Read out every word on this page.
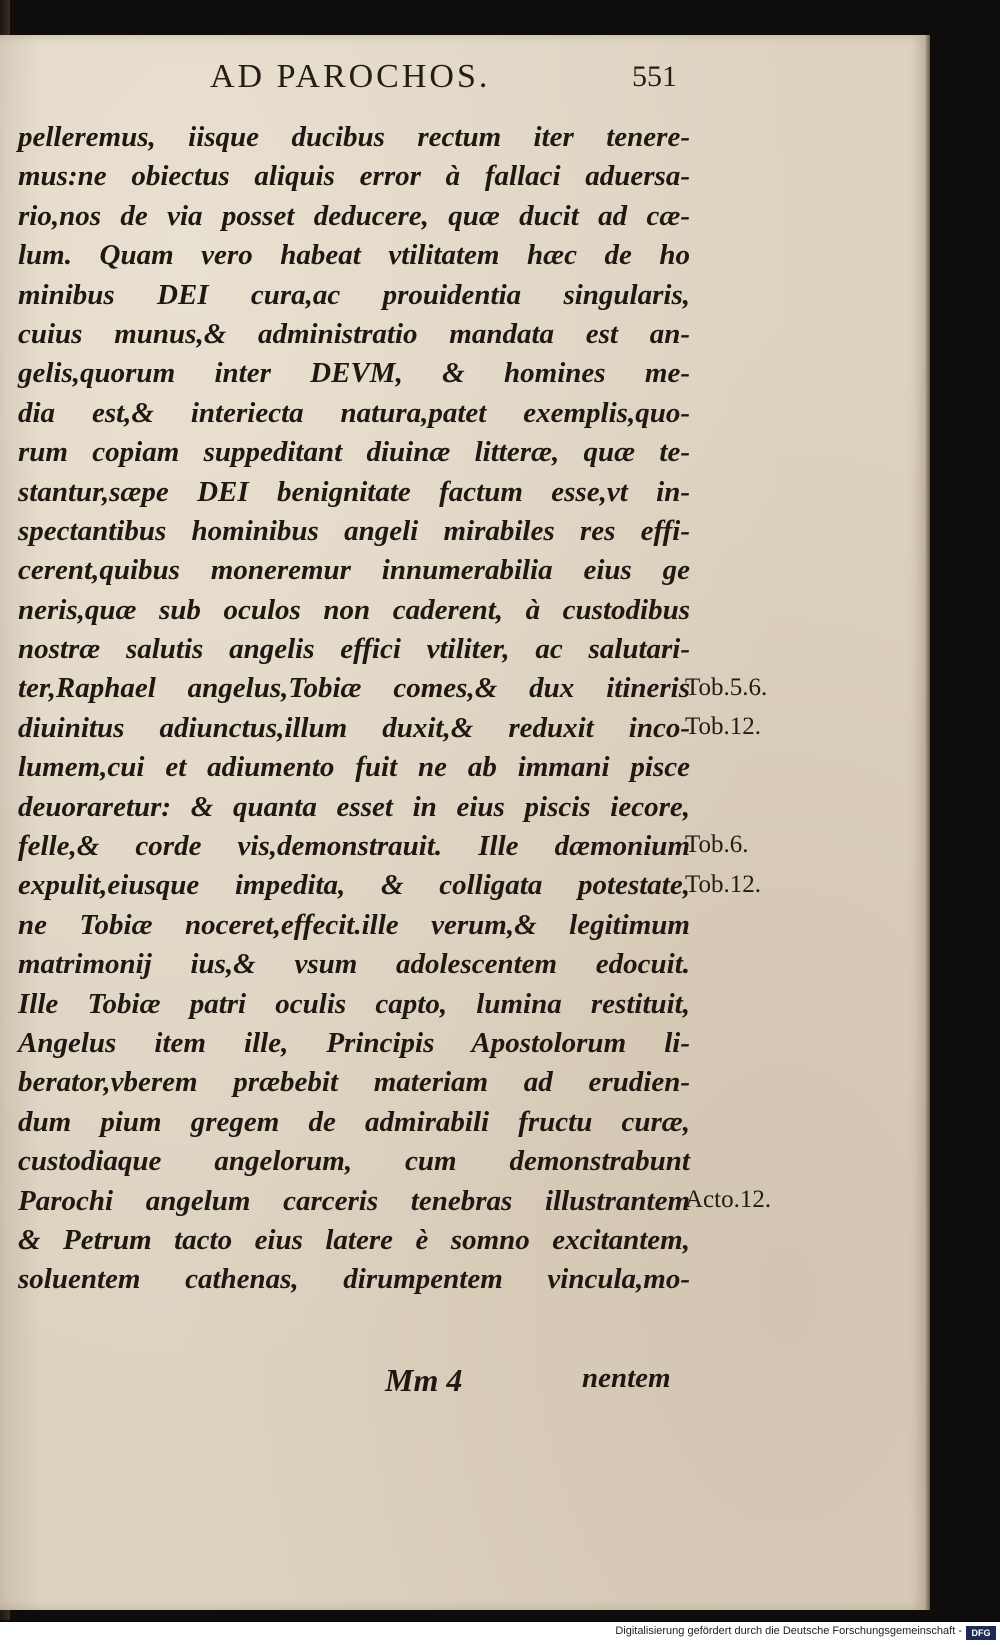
AD PAROCHOS.	551
pelleremus, iisque ducibus rectum iter tenere-
mus:ne obiectus aliquis error à fallaci aduersa-
rio,nos de via posset deducere, quæ ducit ad cæ-
lum. Quam vero habeat vtilitatem hæc de ho
minibus DEI cura,ac prouidentia singularis,
cuius munus,& administratio mandata est an-
gelis,quorum inter DEVM, & homines me-
dia est,& interiecta natura,patet exemplis,quo-
rum copiam suppeditant diuinæ litteræ, quæ te-
stantur,sæpe DEI benignitate factum esse,vt in-
spectantibus hominibus angeli mirabiles res effi-
cerent,quibus moneremur innumerabilia eius ge
neris,quæ sub oculos non caderent, à custodibus
nostræ salutis angelis effici vtiliter, ac salutari-
ter,Raphael angelus,Tobiæ comes,& dux itineris
diuinitus adiunctus,illum duxit,& reduxit inco-
lumem,cui et adiumento fuit ne ab immani pisce
deuoraretur: & quanta esset in eius piscis iecore,
felle,& corde vis,demonstrauit. Ille dæmonium
expulit,eiusque impedita, & colligata potestate,
ne Tobiæ noceret,effecit.ille verum,& legitimum
matrimonij ius,& vsum adolescentem edocuit.
Ille Tobiæ patri oculis capto, lumina restituit,
Angelus item ille, Principis Apostolorum li-
berator,vberem præbebit materiam ad erudien-
dum pium gregem de admirabili fructu curæ,
custodiaque angelorum, cum demonstrabunt
Parochi angelum carceris tenebras illustrantem
& Petrum tacto eius latere è somno excitantem,
soluentem cathenas, dirumpentem vincula,mo-
Tob.5.6.
Tob.12.
Tob.6.
Tob.12.
Acto.12.
Mm 4	nentem
Digitalisierung gefördert durch die Deutsche Forschungsgemeinschaft -	DFG
